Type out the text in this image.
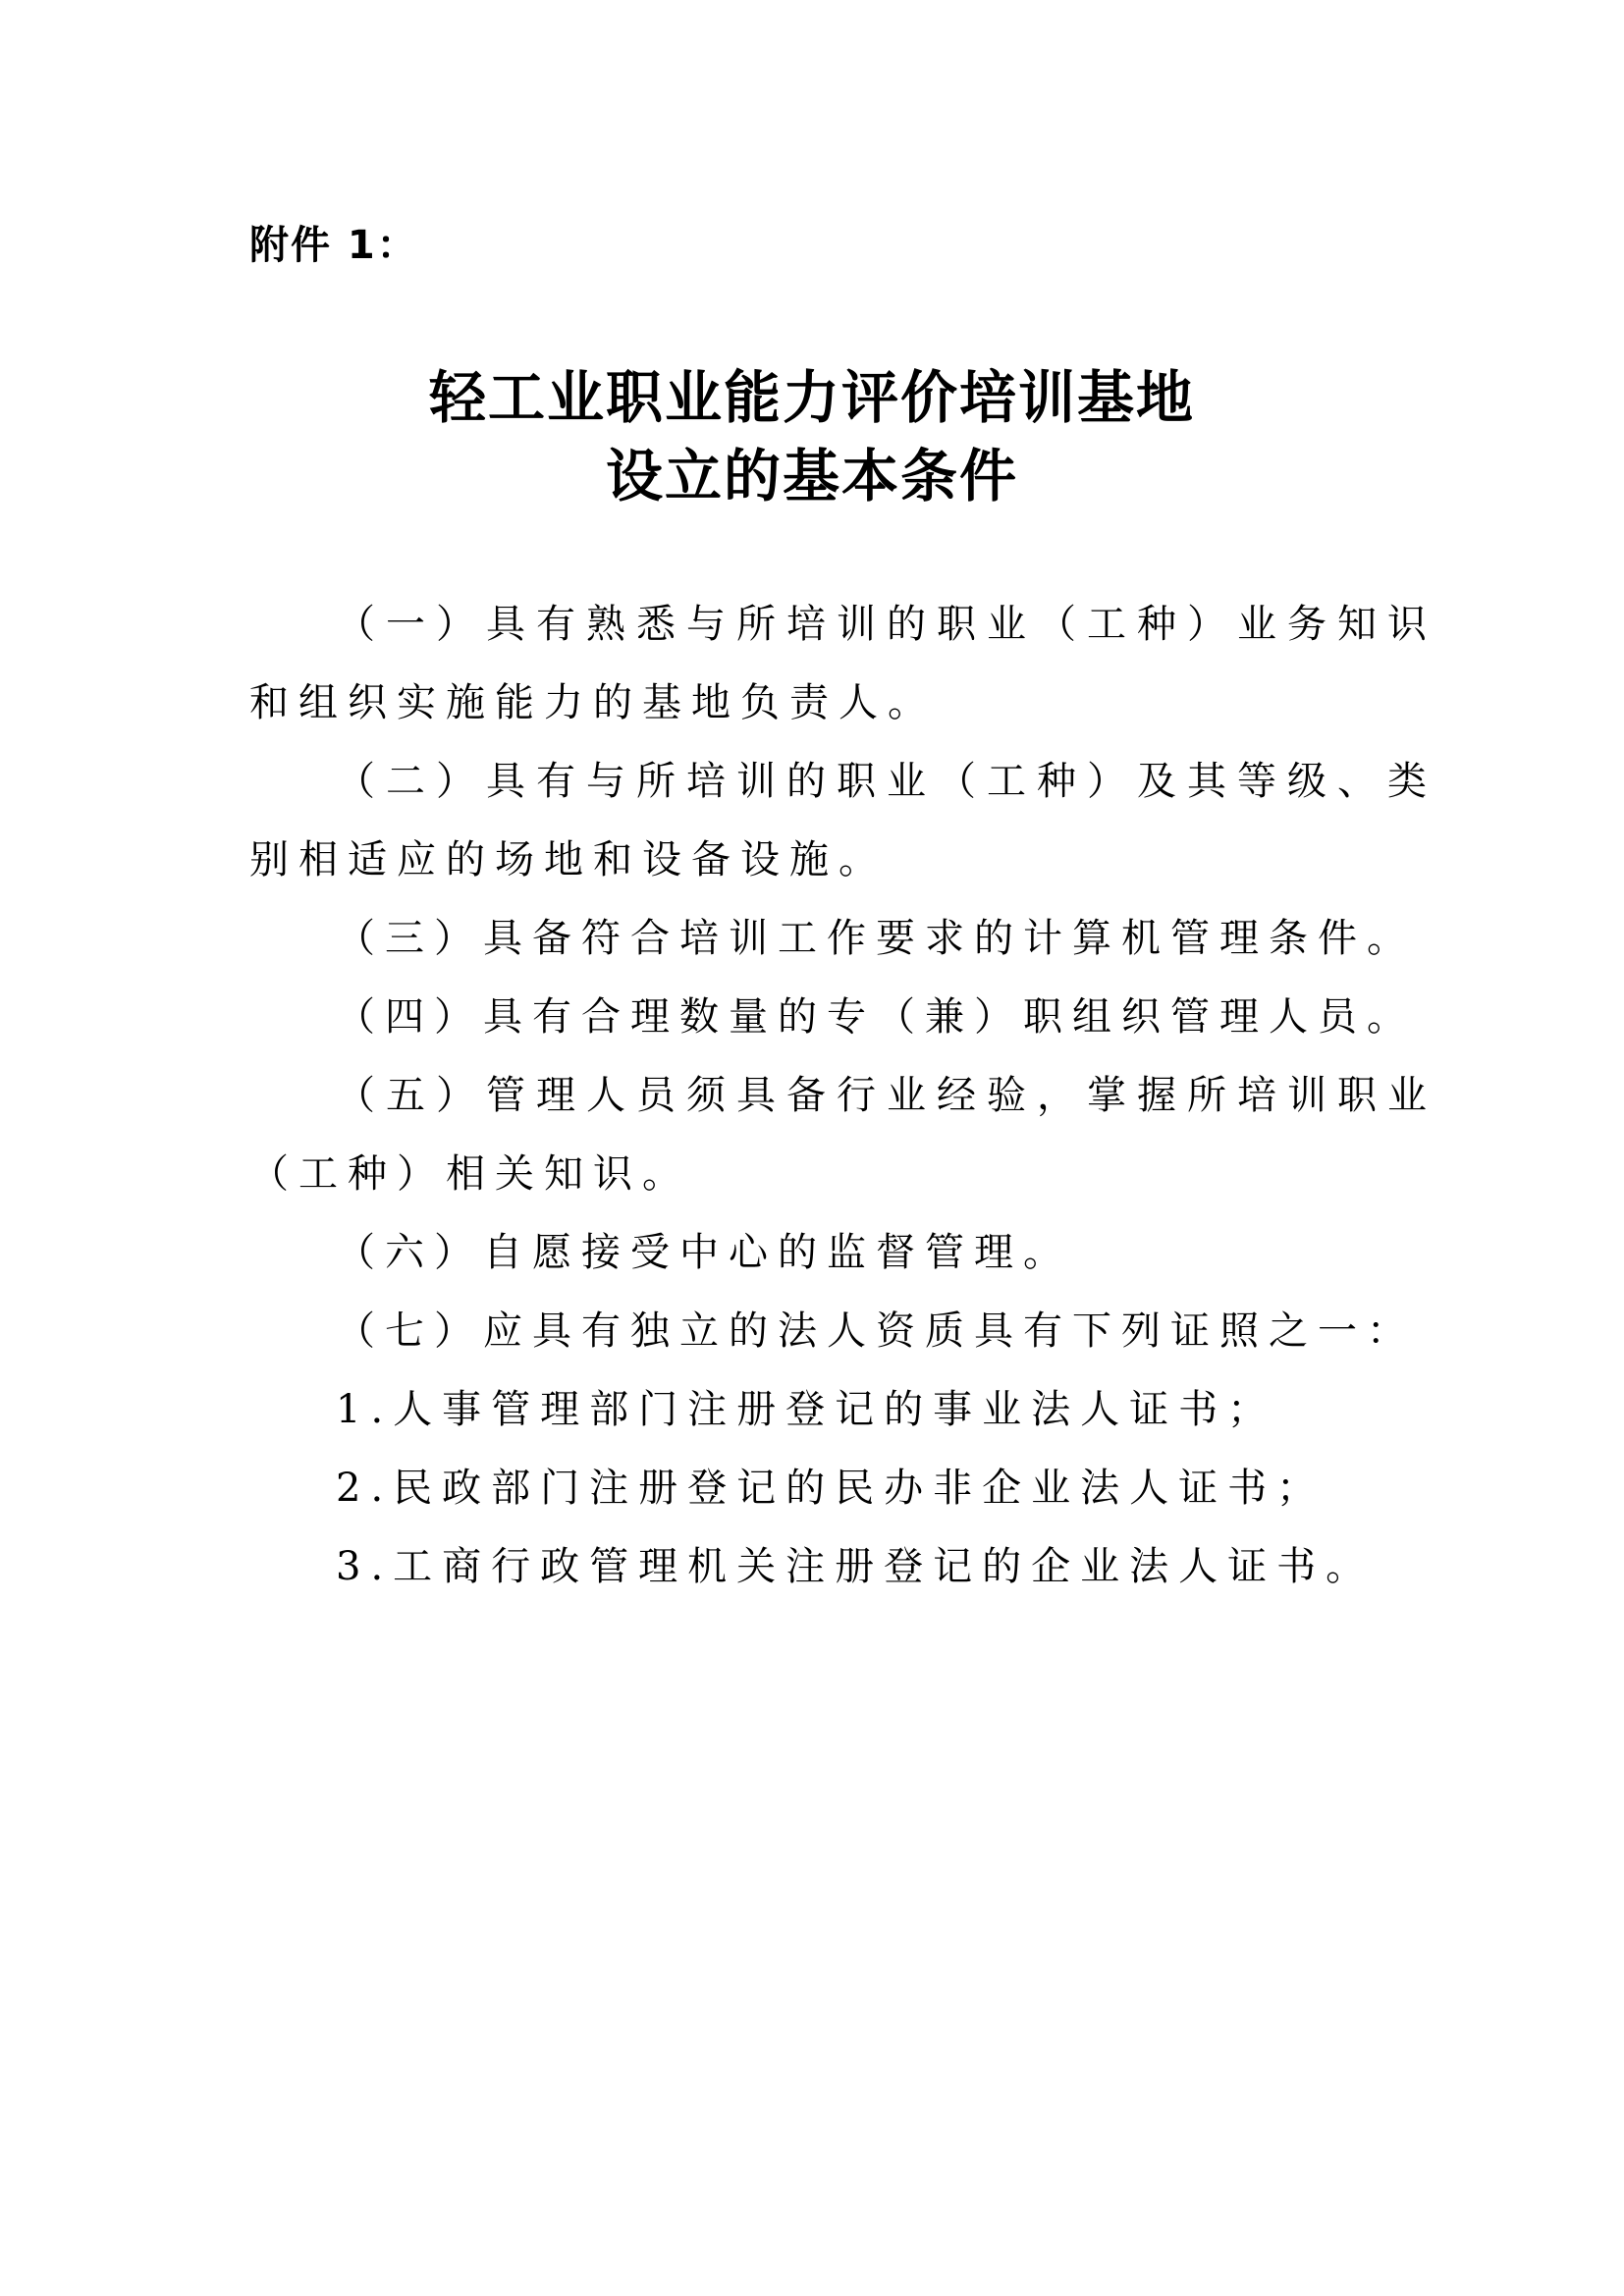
附件 1：
轻工业职业能力评价培训基地
设立的基本条件
（一）具有熟悉与所培训的职业（工种）业务知识
和组织实施能力的基地负责人。
（二）具有与所培训的职业（工种）及其等级、类
别相适应的场地和设备设施。
（三）具备符合培训工作要求的计算机管理条件。
（四）具有合理数量的专（兼）职组织管理人员。
（五）管理人员须具备行业经验，掌握所培训职业
（工种）相关知识。
（六）自愿接受中心的监督管理。
（七）应具有独立的法人资质具有下列证照之一：
1.人事管理部门注册登记的事业法人证书；
2.民政部门注册登记的民办非企业法人证书；
3.工商行政管理机关注册登记的企业法人证书。
